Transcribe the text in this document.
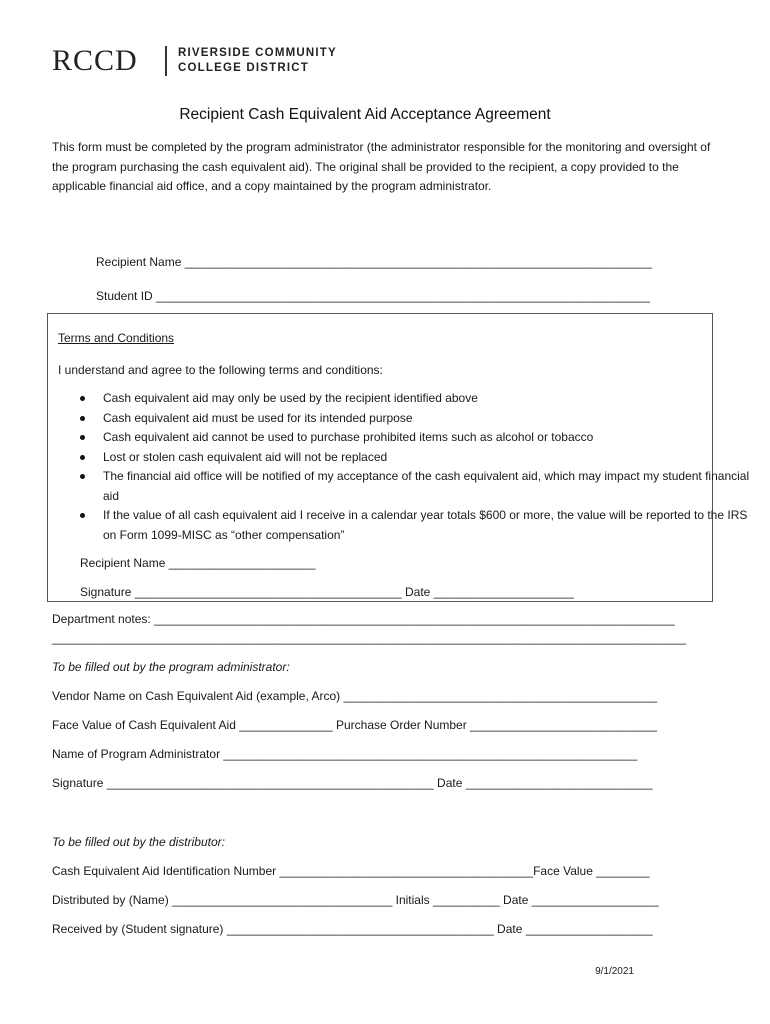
RCCD	RIVERSIDE COMMUNITY
COLLEGE DISTRICT
Recipient Cash Equivalent Aid Acceptance Agreement
This form must be completed by the program administrator (the administrator responsible for the monitoring and oversight of the program purchasing the cash equivalent aid). The original shall be provided to the recipient, a copy provided to the applicable financial aid office, and a copy maintained by the program administrator.
Recipient Name ______________________________________________________________________
Student ID __________________________________________________________________________
Terms and Conditions
I understand and agree to the following terms and conditions:
Cash equivalent aid may only be used by the recipient identified above
Cash equivalent aid must be used for its intended purpose
Cash equivalent aid cannot be used to purchase prohibited items such as alcohol or tobacco
Lost or stolen cash equivalent aid will not be replaced
The financial aid office will be notified of my acceptance of the cash equivalent aid, which may impact my student financial aid
If the value of all cash equivalent aid I receive in a calendar year totals $600 or more, the value will be reported to the IRS on Form 1099-MISC as “other compensation”
Recipient Name ______________________
Signature ________________________________________ Date _____________________
Department notes: ______________________________________________________________________________
_______________________________________________________________________________________________
To be filled out by the program administrator:
Vendor Name on Cash Equivalent Aid (example, Arco) _______________________________________________
Face Value of Cash Equivalent Aid ______________ Purchase Order Number ____________________________
Name of Program Administrator ______________________________________________________________
Signature _________________________________________________ Date ____________________________
To be filled out by the distributor:
Cash Equivalent Aid Identification Number ______________________________________Face Value ________
Distributed by (Name) _________________________________ Initials __________ Date ___________________
Received by (Student signature) ________________________________________ Date ___________________
9/1/2021
